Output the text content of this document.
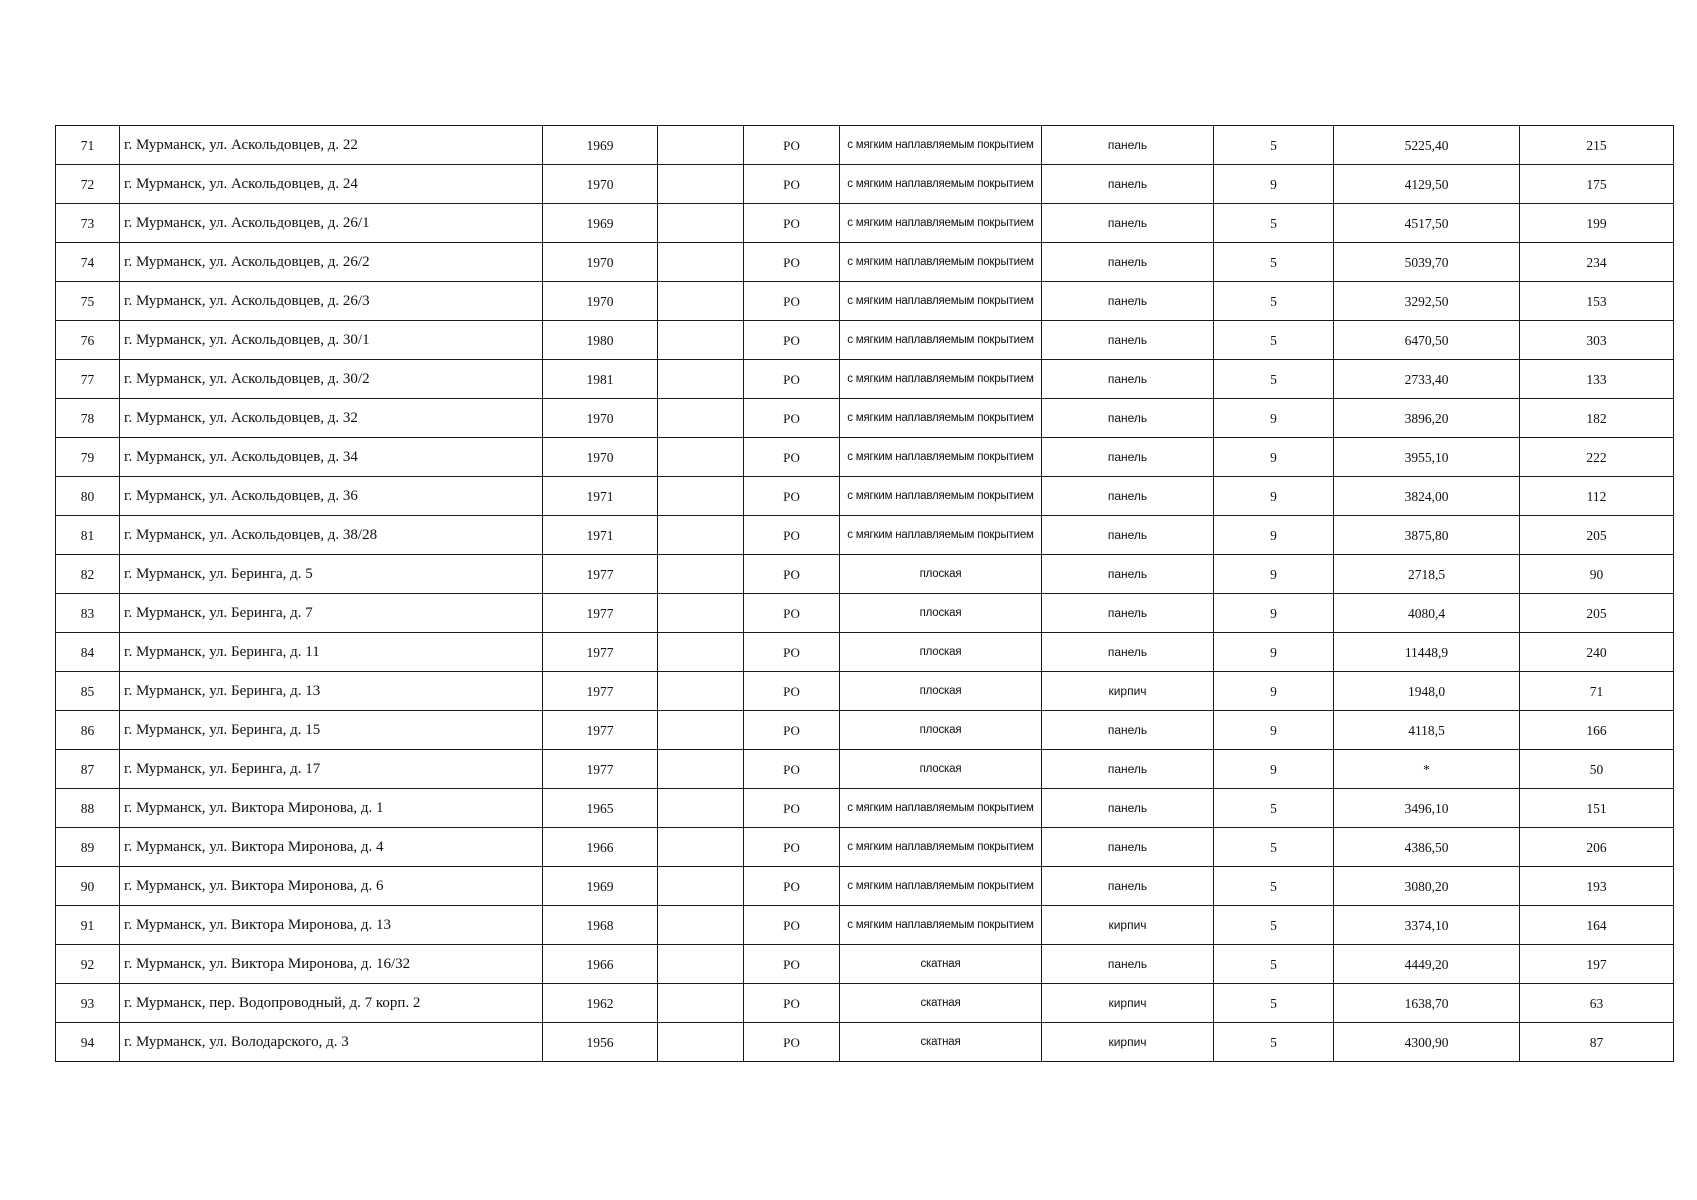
71	г. Мурманск, ул. Аскольдовцев, д. 22	1969		РО	с мягким наплавляемым покрытием	панель	5	5225,40	215
72	г. Мурманск, ул. Аскольдовцев, д. 24	1970		РО	с мягким наплавляемым покрытием	панель	9	4129,50	175
73	г. Мурманск, ул. Аскольдовцев, д. 26/1	1969		РО	с мягким наплавляемым покрытием	панель	5	4517,50	199
74	г. Мурманск, ул. Аскольдовцев, д. 26/2	1970		РО	с мягким наплавляемым покрытием	панель	5	5039,70	234
75	г. Мурманск, ул. Аскольдовцев, д. 26/3	1970		РО	с мягким наплавляемым покрытием	панель	5	3292,50	153
76	г. Мурманск, ул. Аскольдовцев, д. 30/1	1980		РО	с мягким наплавляемым покрытием	панель	5	6470,50	303
77	г. Мурманск, ул. Аскольдовцев, д. 30/2	1981		РО	с мягким наплавляемым покрытием	панель	5	2733,40	133
78	г. Мурманск, ул. Аскольдовцев, д. 32	1970		РО	с мягким наплавляемым покрытием	панель	9	3896,20	182
79	г. Мурманск, ул. Аскольдовцев, д. 34	1970		РО	с мягким наплавляемым покрытием	панель	9	3955,10	222
80	г. Мурманск, ул. Аскольдовцев, д. 36	1971		РО	с мягким наплавляемым покрытием	панель	9	3824,00	112
81	г. Мурманск, ул. Аскольдовцев, д. 38/28	1971		РО	с мягким наплавляемым покрытием	панель	9	3875,80	205
82	г. Мурманск, ул. Беринга, д. 5	1977		РО	плоская	панель	9	2718,5	90
83	г. Мурманск, ул. Беринга, д. 7	1977		РО	плоская	панель	9	4080,4	205
84	г. Мурманск, ул. Беринга, д. 11	1977		РО	плоская	панель	9	11448,9	240
85	г. Мурманск, ул. Беринга, д. 13	1977		РО	плоская	кирпич	9	1948,0	71
86	г. Мурманск, ул. Беринга, д. 15	1977		РО	плоская	панель	9	4118,5	166
87	г. Мурманск, ул. Беринга, д. 17	1977		РО	плоская	панель	9	*	50
88	г. Мурманск, ул. Виктора Миронова, д. 1	1965		РО	с мягким наплавляемым покрытием	панель	5	3496,10	151
89	г. Мурманск, ул. Виктора Миронова, д. 4	1966		РО	с мягким наплавляемым покрытием	панель	5	4386,50	206
90	г. Мурманск, ул. Виктора Миронова, д. 6	1969		РО	с мягким наплавляемым покрытием	панель	5	3080,20	193
91	г. Мурманск, ул. Виктора Миронова, д. 13	1968		РО	с мягким наплавляемым покрытием	кирпич	5	3374,10	164
92	г. Мурманск, ул. Виктора Миронова, д. 16/32	1966		РО	скатная	панель	5	4449,20	197
93	г. Мурманск, пер. Водопроводный, д. 7 корп. 2	1962		РО	скатная	кирпич	5	1638,70	63
94	г. Мурманск, ул. Володарского, д. 3	1956		РО	скатная	кирпич	5	4300,90	87
